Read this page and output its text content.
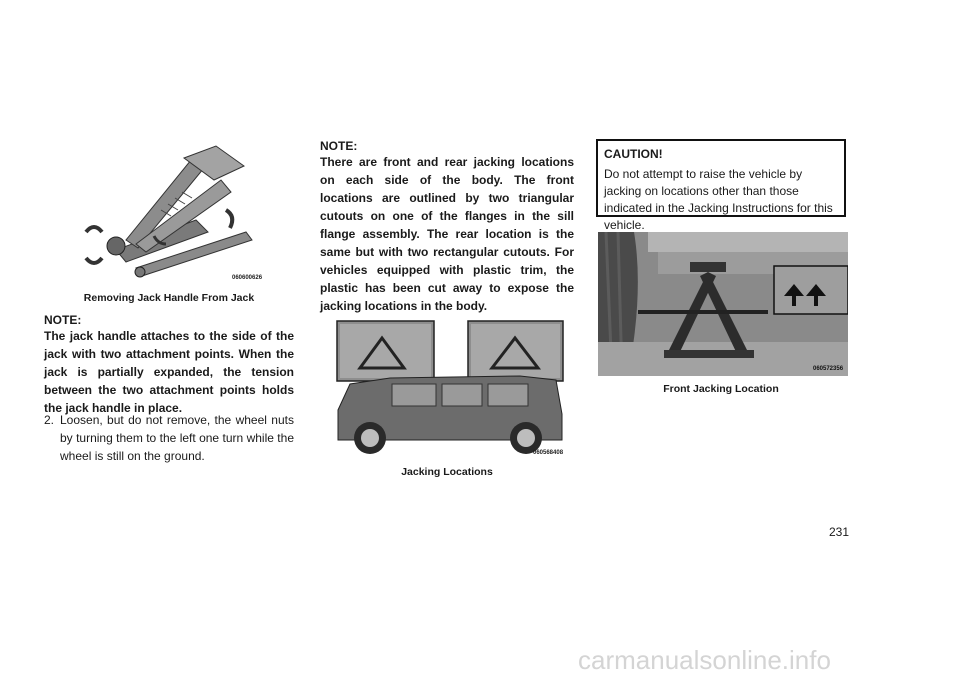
060600626
Removing Jack Handle From Jack
NOTE:
The jack handle attaches to the side of the jack with two attachment points. When the jack is partially expanded, the tension between the two attachment points holds the jack handle in place.
2. Loosen, but do not remove, the wheel nuts by turning them to the left one turn while the wheel is still on the ground.
NOTE:
There are front and rear jacking locations on each side of the body. The front locations are outlined by two triangular cutouts on one of the flanges in the sill flange assembly. The rear location is the same but with two rectangular cutouts. For vehicles equipped with plastic trim, the plastic has been cut away to expose the jacking locations in the body.
060568408
Jacking Locations
CAUTION!
Do not attempt to raise the vehicle by jacking on locations other than those indicated in the Jacking Instructions for this vehicle.
060572356
Front Jacking Location
231
carmanualsonline.info
